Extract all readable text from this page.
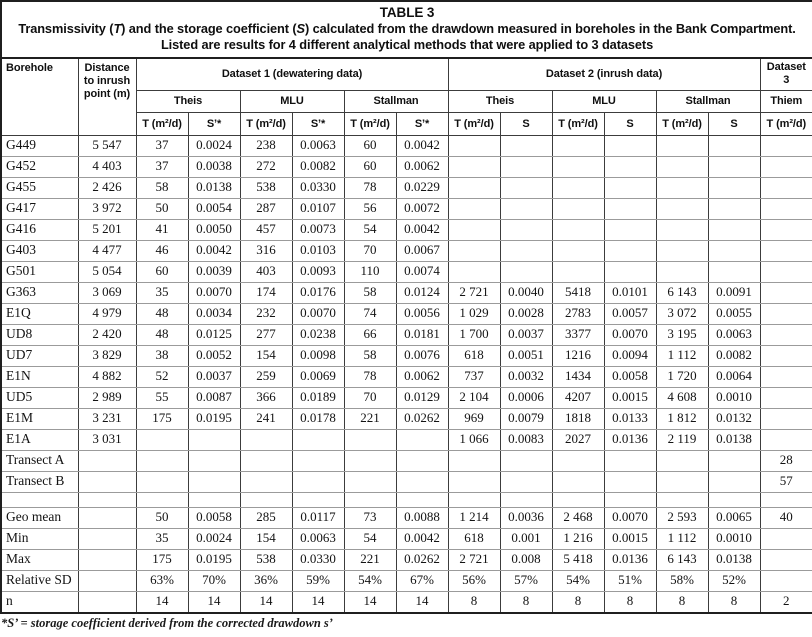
TABLE 3
Transmissivity (T) and the storage coefficient (S) calculated from the drawdown measured in boreholes in the Bank Compartment. Listed are results for 4 different analytical methods that were applied to 3 datasets														

Borehole	Distance to inrush point (m)	Dataset 1 (dewatering data)						Dataset 2 (inrush data)						Dataset 3
		Theis		MLU		Stallman		Theis		MLU		Stallman		Thiem
		T (m²/d)	S’*	T (m²/d)	S’*	T (m²/d)	S’*	T (m²/d)	S	T (m²/d)	S	T (m²/d)	S	T (m²/d)
G449	5 547	37	0.0024	238	0.0063	60	0.0042							
G452	4 403	37	0.0038	272	0.0082	60	0.0062							
G455	2 426	58	0.0138	538	0.0330	78	0.0229							
G417	3 972	50	0.0054	287	0.0107	56	0.0072							
G416	5 201	41	0.0050	457	0.0073	54	0.0042							
G403	4 477	46	0.0042	316	0.0103	70	0.0067							
G501	5 054	60	0.0039	403	0.0093	110	0.0074							
G363	3 069	35	0.0070	174	0.0176	58	0.0124	2 721	0.0040	5418	0.0101	6 143	0.0091	
E1Q	4 979	48	0.0034	232	0.0070	74	0.0056	1 029	0.0028	2783	0.0057	3 072	0.0055	
UD8	2 420	48	0.0125	277	0.0238	66	0.0181	1 700	0.0037	3377	0.0070	3 195	0.0063	
UD7	3 829	38	0.0052	154	0.0098	58	0.0076	618	0.0051	1216	0.0094	1 112	0.0082	
E1N	4 882	52	0.0037	259	0.0069	78	0.0062	737	0.0032	1434	0.0058	1 720	0.0064	
UD5	2 989	55	0.0087	366	0.0189	70	0.0129	2 104	0.0006	4207	0.0015	4 608	0.0010	
E1M	3 231	175	0.0195	241	0.0178	221	0.0262	969	0.0079	1818	0.0133	1 812	0.0132	
E1A	3 031							1 066	0.0083	2027	0.0136	2 119	0.0138	
Transect A														28
Transect B														57

Geo mean		50	0.0058	285	0.0117	73	0.0088	1 214	0.0036	2 468	0.0070	2 593	0.0065	40
Min		35	0.0024	154	0.0063	54	0.0042	618	0.001	1 216	0.0015	1 112	0.0010	
Max		175	0.0195	538	0.0330	221	0.0262	2 721	0.008	5 418	0.0136	6 143	0.0138	
Relative SD		63%	70%	36%	59%	54%	67%	56%	57%	54%	51%	58%	52%	
n		14	14	14	14	14	14	8	8	8	8	8	8	2
*S’ = storage coefficient derived from the corrected drawdown s’
